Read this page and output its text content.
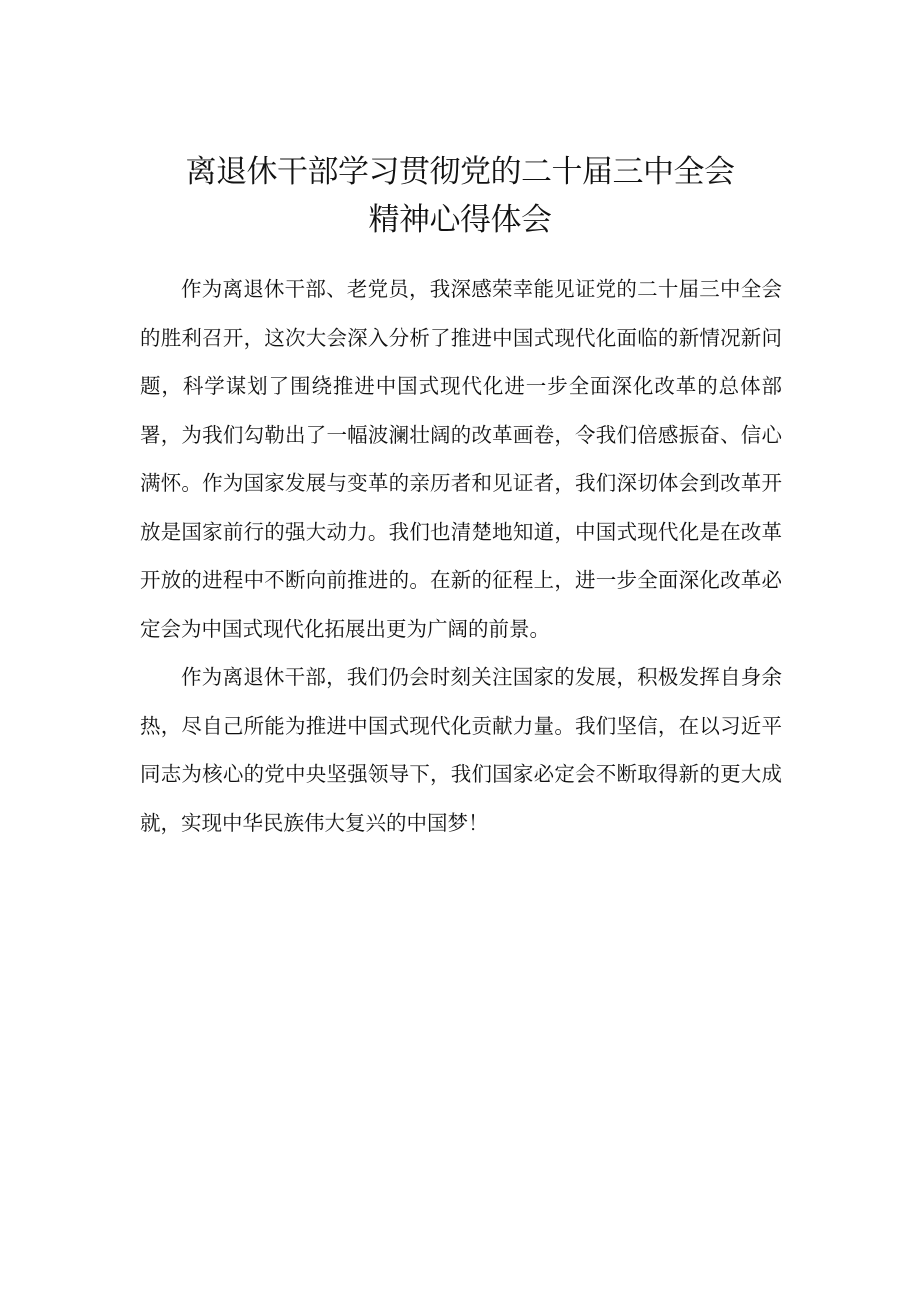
离退休干部学习贯彻党的二十届三中全会
精神心得体会

作为离退休干部、老党员，我深感荣幸能见证党的二十届三中全会的胜利召开，这次大会深入分析了推进中国式现代化面临的新情况新问题，科学谋划了围绕推进中国式现代化进一步全面深化改革的总体部署，为我们勾勒出了一幅波澜壮阔的改革画卷，令我们倍感振奋、信心满怀。作为国家发展与变革的亲历者和见证者，我们深切体会到改革开放是国家前行的强大动力。我们也清楚地知道，中国式现代化是在改革开放的进程中不断向前推进的。在新的征程上，进一步全面深化改革必定会为中国式现代化拓展出更为广阔的前景。

作为离退休干部，我们仍会时刻关注国家的发展，积极发挥自身余热，尽自己所能为推进中国式现代化贡献力量。我们坚信，在以习近平同志为核心的党中央坚强领导下，我们国家必定会不断取得新的更大成就，实现中华民族伟大复兴的中国梦！
